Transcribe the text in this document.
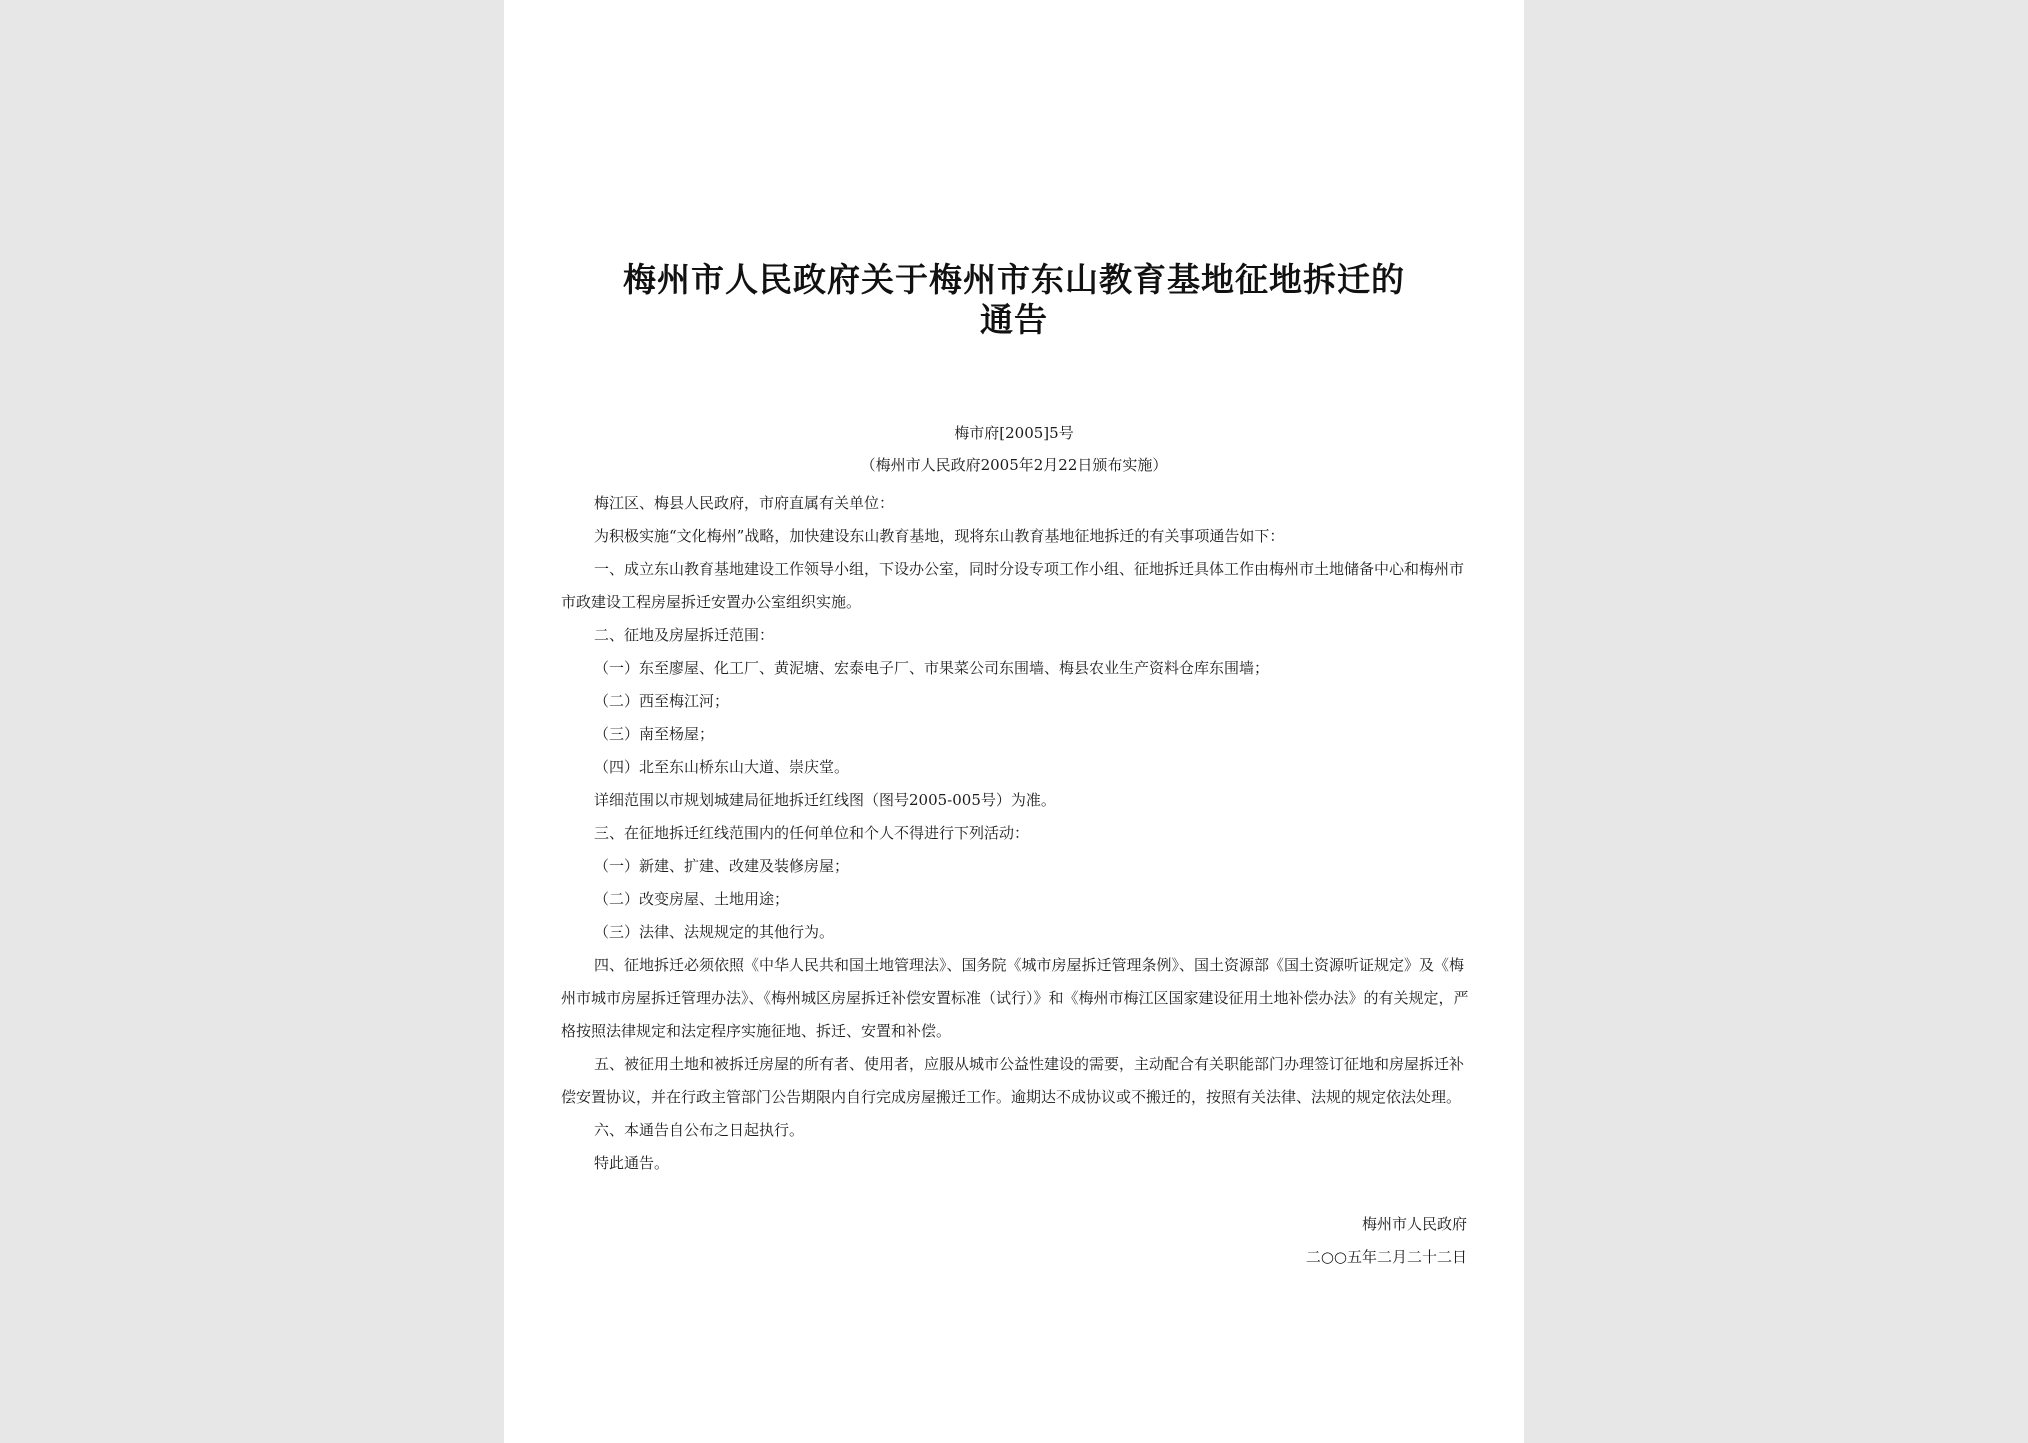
梅州市人民政府关于梅州市东山教育基地征地拆迁的
通告
梅市府[2005]5号
（梅州市人民政府2005年2月22日颁布实施）

梅江区、梅县人民政府，市府直属有关单位：

为积极实施“文化梅州”战略，加快建设东山教育基地，现将东山教育基地征地拆迁的有关事项通告如下：

一、成立东山教育基地建设工作领导小组，下设办公室，同时分设专项工作小组、征地拆迁具体工作由梅州市土地储备中心和梅州市市政建设工程房屋拆迁安置办公室组织实施。

二、征地及房屋拆迁范围：

（一）东至廖屋、化工厂、黄泥塘、宏泰电子厂、市果菜公司东围墙、梅县农业生产资料仓库东围墙；

（二）西至梅江河；

（三）南至杨屋；

（四）北至东山桥东山大道、崇庆堂。

详细范围以市规划城建局征地拆迁红线图（图号2005-005号）为准。

三、在征地拆迁红线范围内的任何单位和个人不得进行下列活动：

（一）新建、扩建、改建及装修房屋；

（二）改变房屋、土地用途；

（三）法律、法规规定的其他行为。

四、征地拆迁必须依照《中华人民共和国土地管理法》、国务院《城市房屋拆迁管理条例》、国土资源部《国土资源听证规定》及《梅州市城市房屋拆迁管理办法》、《梅州城区房屋拆迁补偿安置标准（试行）》和《梅州市梅江区国家建设征用土地补偿办法》的有关规定，严格按照法律规定和法定程序实施征地、拆迁、安置和补偿。

五、被征用土地和被拆迁房屋的所有者、使用者，应服从城市公益性建设的需要，主动配合有关职能部门办理签订征地和房屋拆迁补偿安置协议，并在行政主管部门公告期限内自行完成房屋搬迁工作。逾期达不成协议或不搬迁的，按照有关法律、法规的规定依法处理。

六、本通告自公布之日起执行。

特此通告。

梅州市人民政府
二○○五年二月二十二日
